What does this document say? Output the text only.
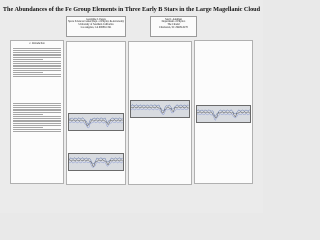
The Abundances of the Fe Group Elements in Three Early B Stars in the Large Magellanic Cloud
Geraldine J. Peters
Space Sciences Center/Dept. of Physics & Astronomy
University of Southern California
Los Angeles, CA 90089-1341
Saul J. Adelman
Department of Physics
The Citadel
Charleston, SC 29409-0270
1. Introduction
